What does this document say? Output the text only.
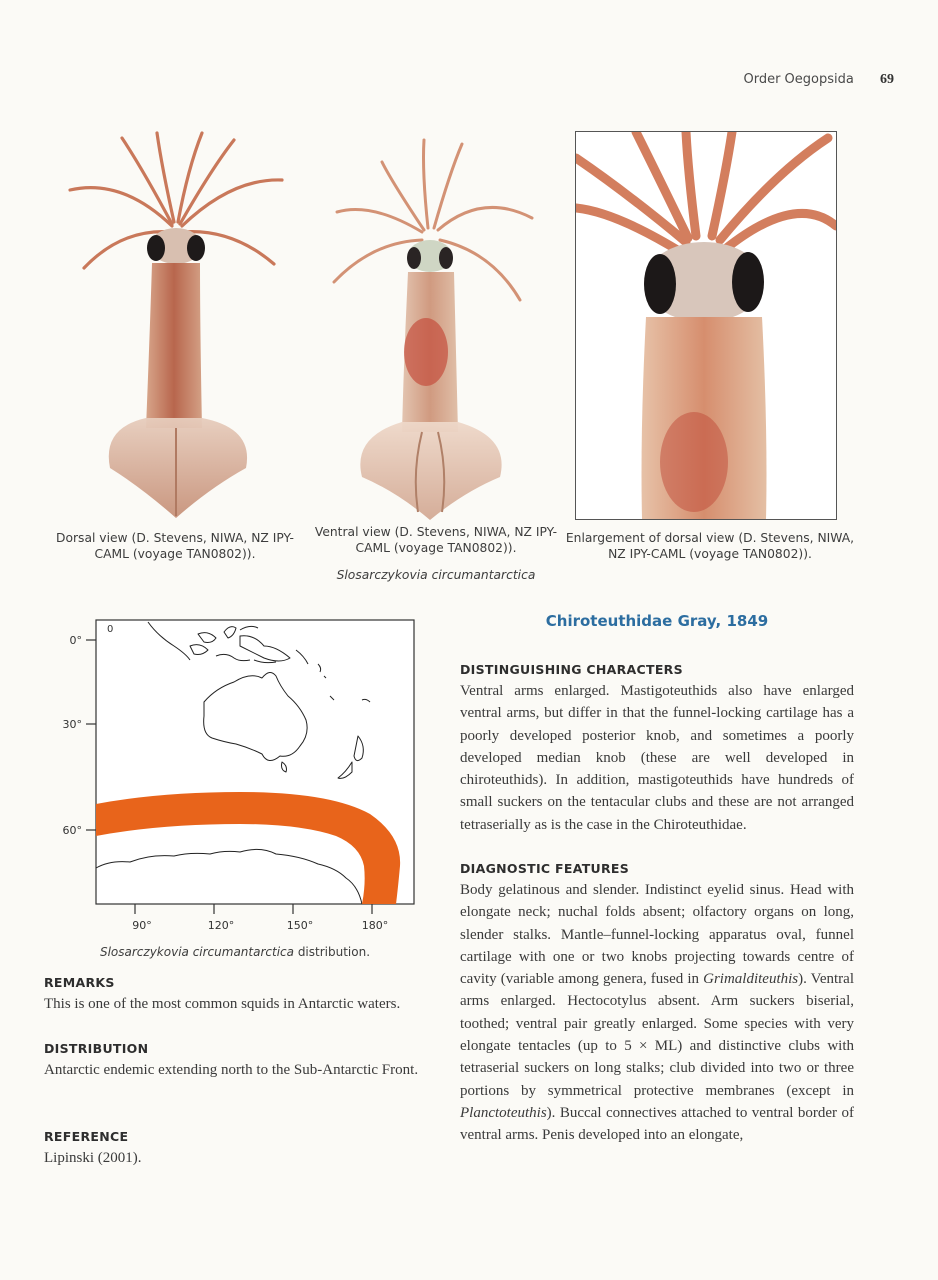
Order Oegopsida 69
Dorsal view (D. Stevens, NIWA, NZ IPY-CAML (voyage TAN0802)).
Ventral view (D. Stevens, NIWA, NZ IPY-CAML (voyage TAN0802)).
Enlargement of dorsal view (D. Stevens, NIWA, NZ IPY-CAML (voyage TAN0802)).
Slosarczykovia circumantarctica
0°
30°
60°
90°	120°	150°	180°
0
Slosarczykovia circumantarctica distribution.
REMARKS
This is one of the most common squids in Antarctic waters.
DISTRIBUTION
Antarctic endemic extending north to the Sub-Antarctic Front.
REFERENCE
Lipinski (2001).
Chiroteuthidae Gray, 1849
DISTINGUISHING CHARACTERS
Ventral arms enlarged. Mastigoteuthids also have enlarged ventral arms, but differ in that the funnel-locking cartilage has a poorly developed posterior knob, and sometimes a poorly developed median knob (these are well developed in chiroteuthids). In addition, mastigoteuthids have hundreds of small suckers on the tentacular clubs and these are not arranged tetraserially as is the case in the Chiroteuthidae.
DIAGNOSTIC FEATURES
Body gelatinous and slender. Indistinct eyelid sinus. Head with elongate neck; nuchal folds absent; olfactory organs on long, slender stalks. Mantle–funnel-locking apparatus oval, funnel cartilage with one or two knobs projecting towards centre of cavity (variable among genera, fused in Grimalditeuthis). Ventral arms enlarged. Hectocotylus absent. Arm suckers biserial, toothed; ventral pair greatly enlarged. Some species with very elongate tentacles (up to 5 × ML) and distinctive clubs with tetraserial suckers on long stalks; club divided into two or three portions by symmetrical protective membranes (except in Planctoteuthis). Buccal connectives attached to ventral border of ventral arms. Penis developed into an elongate,
